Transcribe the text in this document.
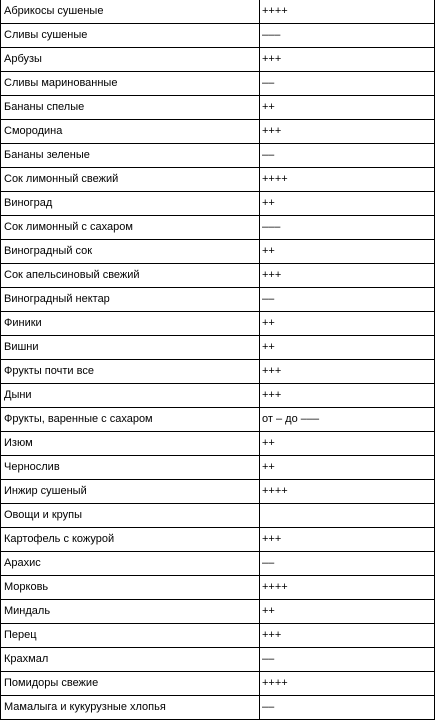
Абрикосы сушеные	++++
Сливы сушеные	–––
Арбузы	+++
Сливы маринованные	––
Бананы спелые	++
Смородина	+++
Бананы зеленые	––
Сок лимонный свежий	++++
Виноград	++
Сок лимонный с сахаром	–––
Виноградный сок	++
Сок апельсиновый свежий	+++
Виноградный нектар	––
Финики	++
Вишни	++
Фрукты почти все	+++
Дыни	+++
Фрукты, варенные с сахаром	от – до –––
Изюм	++
Чернослив	++
Инжир сушеный	++++
Овощи и крупы	
Картофель с кожурой	+++
Арахис	––
Морковь	++++
Миндаль	++
Перец	+++
Крахмал	––
Помидоры свежие	++++
Мамалыга и кукурузные хлопья	––
